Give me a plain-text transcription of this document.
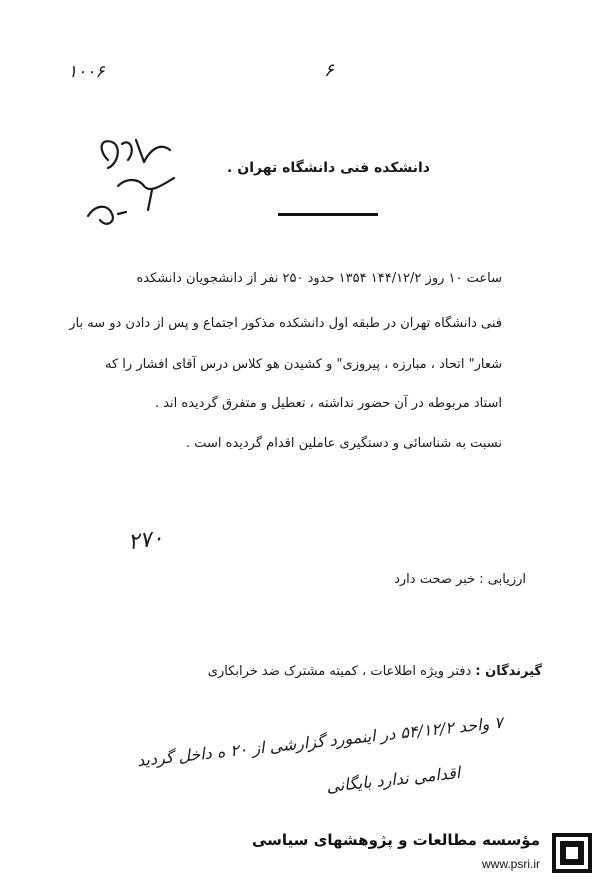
۱۰۰۶	۶
دانشکده فنی دانشگاه تهران .
ساعت ۱۰ روز ۱۴۴/۱۲/۲ ۱۳۵۴ حدود ۲۵۰ نفر از دانشجویان دانشکده
فنی دانشگاه تهران در طبقه اول دانشکده مذکور اجتماع و پس از دادن دو سه بار
شعار" اتحاد ، مبارزه ، پیروزی" و کشیدن هو کلاس درس آقای افشار را که
استاد مربوطه در آن حضور نداشته ، تعطیل و متفرق گردیده اند .
نسبت به شناسائی و دستگیری عاملین اقدام گردیده است .
۲۷۰
ارزیابی : خبر صحت دارد
گیرندگان : دفتر ویژه اطلاعات ، کمیته مشترک ضد خرابکاری
۷ واحد ۵۴/۱۲/۲ در اینمورد گزارشی از ۲۰ ه داخل گردید
اقدامی ندارد بایگانی
مؤسسه مطالعات و پژوهشهای سیاسی
www.psri.ir
